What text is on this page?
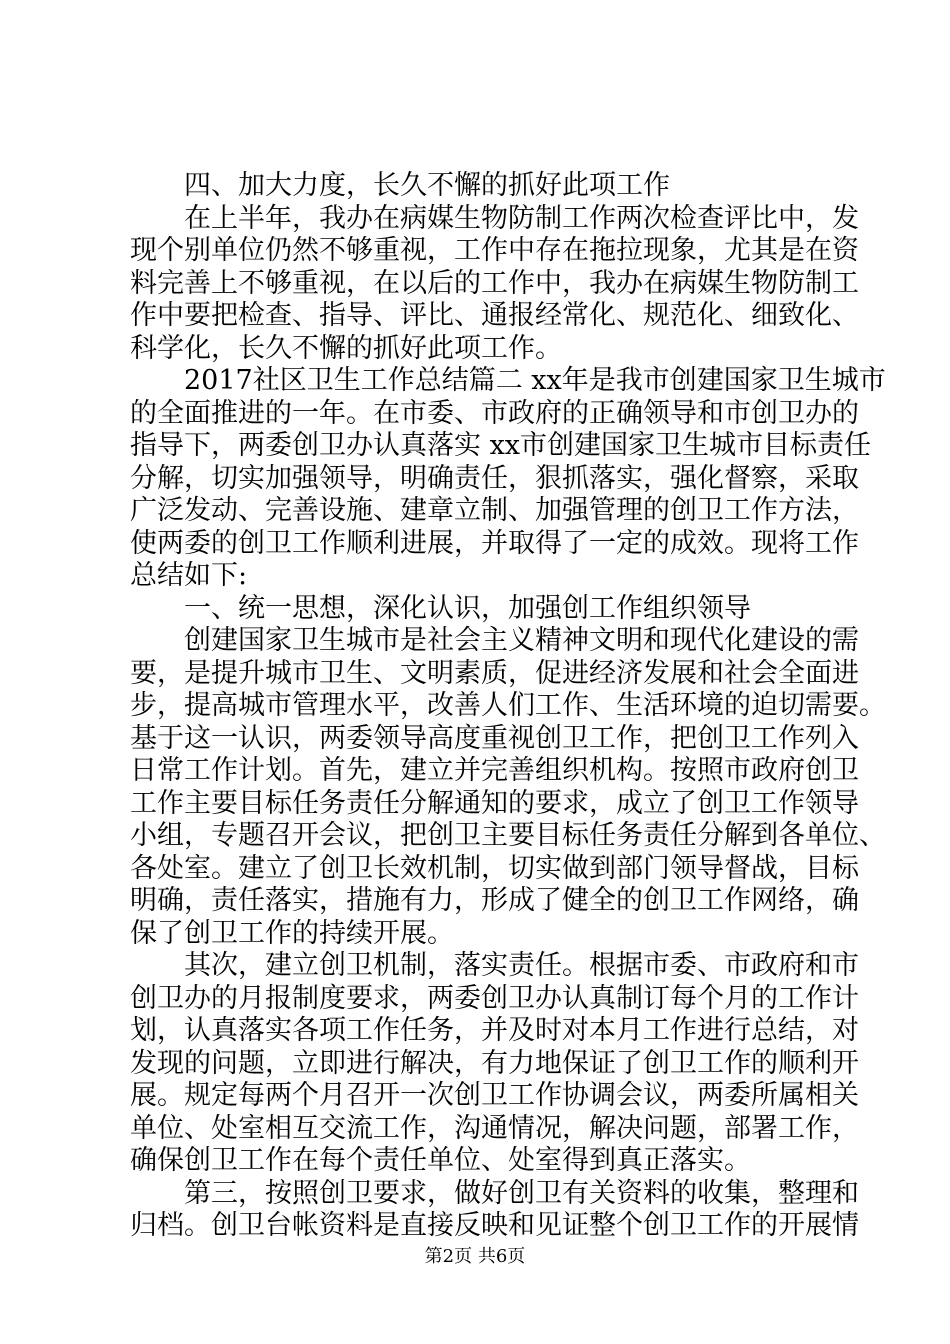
　　四、加大力度，长久不懈的抓好此项工作
　　在上半年，我办在病媒生物防制工作两次检查评比中，发
现个别单位仍然不够重视，工作中存在拖拉现象，尤其是在资
料完善上不够重视，在以后的工作中，我办在病媒生物防制工
作中要把检查、指导、评比、通报经常化、规范化、细致化、
科学化，长久不懈的抓好此项工作。
　　2017社区卫生工作总结篇二 xx年是我市创建国家卫生城市
的全面推进的一年。在市委、市政府的正确领导和市创卫办的
指导下，两委创卫办认真落实 xx市创建国家卫生城市目标责任
分解，切实加强领导，明确责任，狠抓落实，强化督察，采取
广泛发动、完善设施、建章立制、加强管理的创卫工作方法，
使两委的创卫工作顺利进展，并取得了一定的成效。现将工作
总结如下:
　　一、统一思想，深化认识，加强创工作组织领导
　　创建国家卫生城市是社会主义精神文明和现代化建设的需
要，是提升城市卫生、文明素质，促进经济发展和社会全面进
步，提高城市管理水平，改善人们工作、生活环境的迫切需要。
基于这一认识，两委领导高度重视创卫工作，把创卫工作列入
日常工作计划。首先，建立并完善组织机构。按照市政府创卫
工作主要目标任务责任分解通知的要求，成立了创卫工作领导
小组，专题召开会议，把创卫主要目标任务责任分解到各单位、
各处室。建立了创卫长效机制，切实做到部门领导督战，目标
明确，责任落实，措施有力，形成了健全的创卫工作网络，确
保了创卫工作的持续开展。
　　其次，建立创卫机制，落实责任。根据市委、市政府和市
创卫办的月报制度要求，两委创卫办认真制订每个月的工作计
划，认真落实各项工作任务，并及时对本月工作进行总结，对
发现的问题，立即进行解决，有力地保证了创卫工作的顺利开
展。规定每两个月召开一次创卫工作协调会议，两委所属相关
单位、处室相互交流工作，沟通情况，解决问题，部署工作，
确保创卫工作在每个责任单位、处室得到真正落实。
　　第三，按照创卫要求，做好创卫有关资料的收集，整理和
归档。创卫台帐资料是直接反映和见证整个创卫工作的开展情
第2页 共6页
